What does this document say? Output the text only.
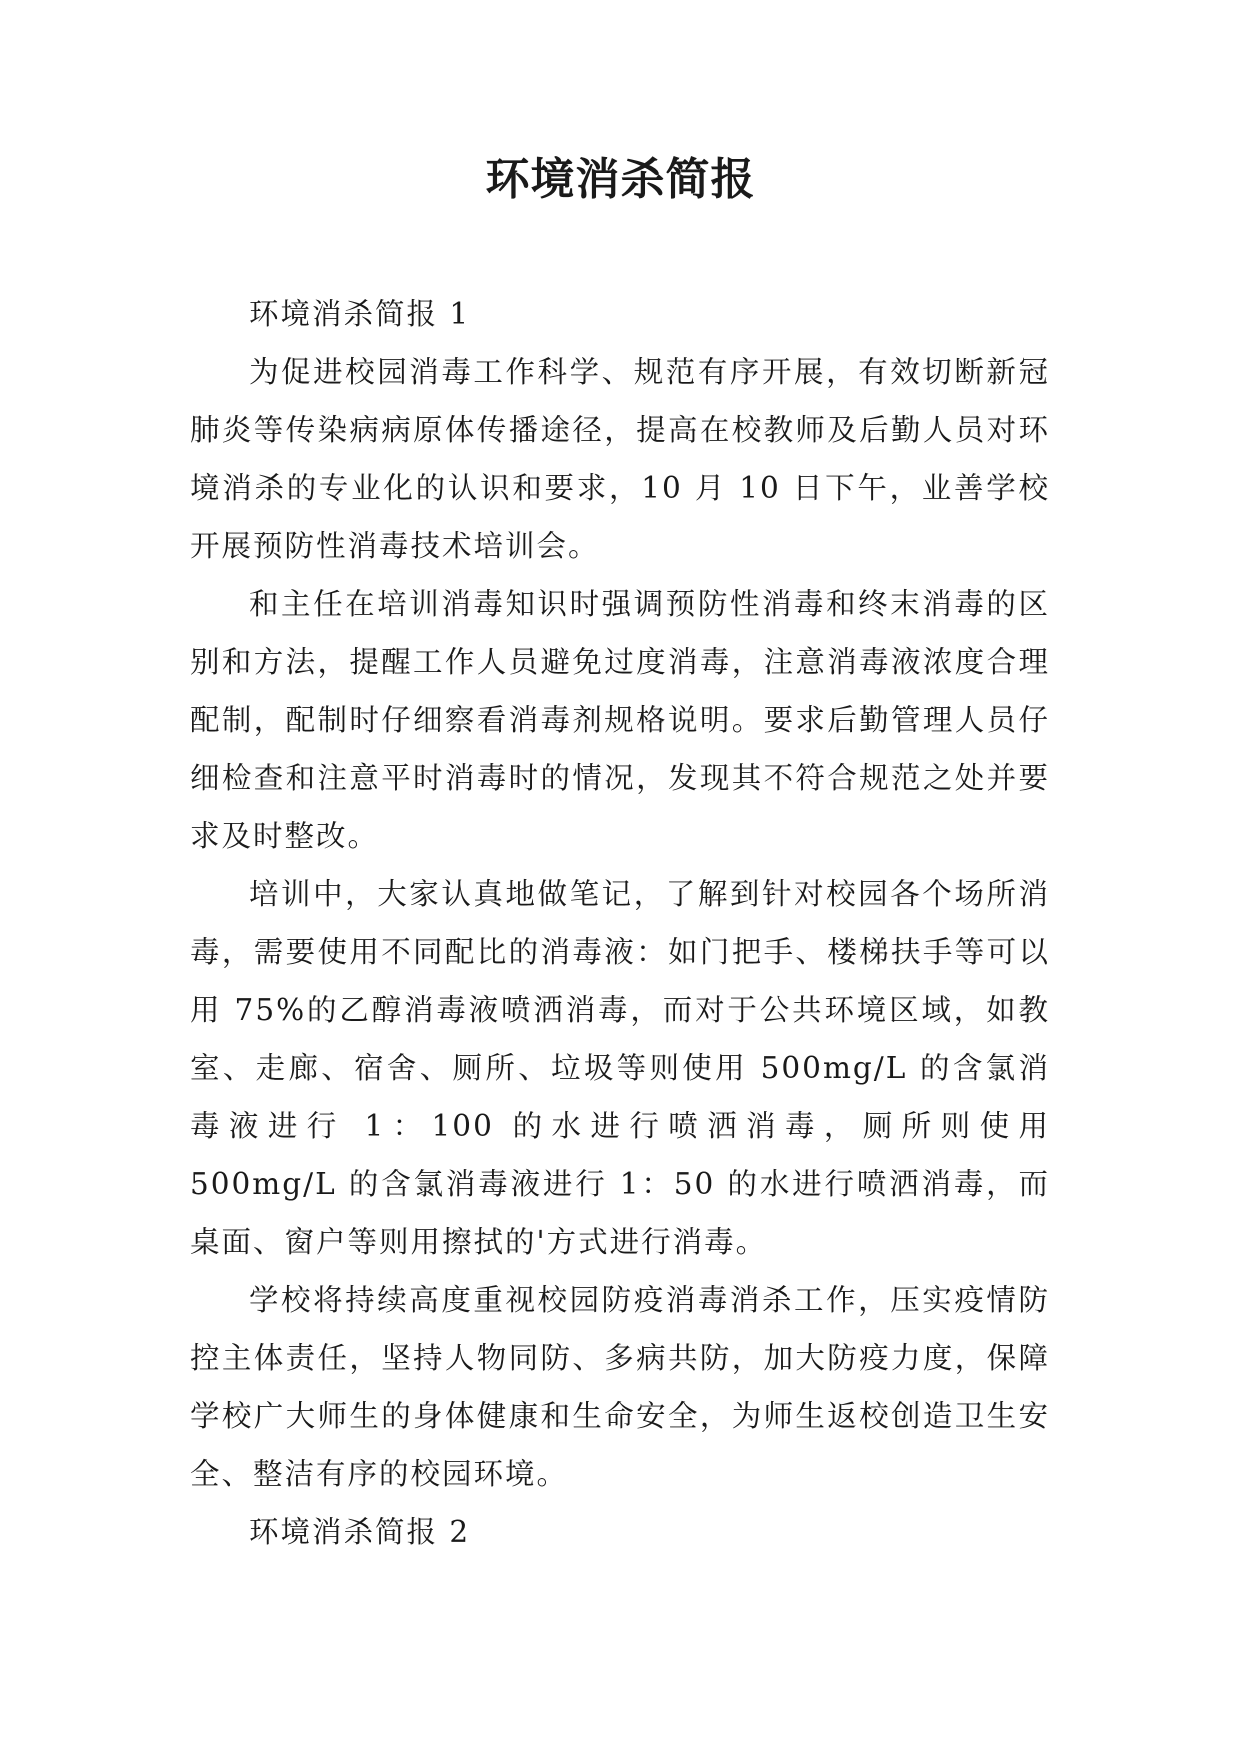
环境消杀简报

环境消杀简报 1

为促进校园消毒工作科学、规范有序开展，有效切断新冠肺炎等传染病病原体传播途径，提高在校教师及后勤人员对环境消杀的专业化的认识和要求，10 月 10 日下午，业善学校开展预防性消毒技术培训会。

和主任在培训消毒知识时强调预防性消毒和终末消毒的区别和方法，提醒工作人员避免过度消毒，注意消毒液浓度合理配制，配制时仔细察看消毒剂规格说明。要求后勤管理人员仔细检查和注意平时消毒时的情况，发现其不符合规范之处并要求及时整改。

培训中，大家认真地做笔记，了解到针对校园各个场所消毒，需要使用不同配比的消毒液：如门把手、楼梯扶手等可以用 75%的乙醇消毒液喷洒消毒，而对于公共环境区域，如教室、走廊、宿舍、厕所、垃圾等则使用 500mg/L 的含氯消毒液进行 1：100 的水进行喷洒消毒，厕所则使用 500mg/L 的含氯消毒液进行 1：50 的水进行喷洒消毒，而桌面、窗户等则用擦拭的'方式进行消毒。

学校将持续高度重视校园防疫消毒消杀工作，压实疫情防控主体责任，坚持人物同防、多病共防，加大防疫力度，保障学校广大师生的身体健康和生命安全，为师生返校创造卫生安全、整洁有序的校园环境。

环境消杀简报 2
